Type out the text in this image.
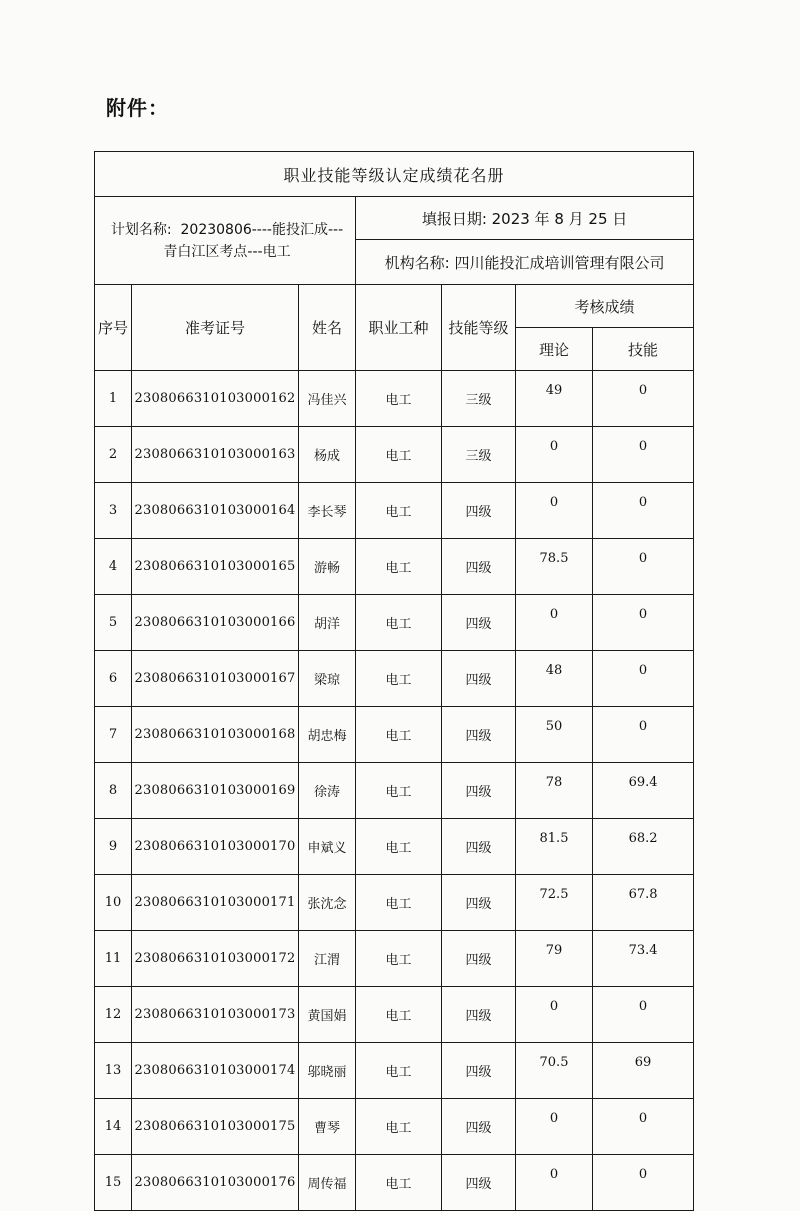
附件：
职业技能等级认定成绩花名册						

计划名称: 20230806----能投汇成---
青白江区考点---电工			填报日期: 2023 年 8 月 25 日			
			机构名称: 四川能投汇成培训管理有限公司			
序号	准考证号	姓名	职业工种	技能等级	考核成绩	
					理论	技能
1	2308066310103000162	冯佳兴	电工	三级	49	0
2	2308066310103000163	杨成	电工	三级	0	0
3	2308066310103000164	李长琴	电工	四级	0	0
4	2308066310103000165	游畅	电工	四级	78.5	0
5	2308066310103000166	胡洋	电工	四级	0	0
6	2308066310103000167	梁琼	电工	四级	48	0
7	2308066310103000168	胡忠梅	电工	四级	50	0
8	2308066310103000169	徐涛	电工	四级	78	69.4
9	2308066310103000170	申斌义	电工	四级	81.5	68.2
10	2308066310103000171	张沈念	电工	四级	72.5	67.8
11	2308066310103000172	江渭	电工	四级	79	73.4
12	2308066310103000173	黄国娟	电工	四级	0	0
13	2308066310103000174	邬晓丽	电工	四级	70.5	69
14	2308066310103000175	曹琴	电工	四级	0	0
15	2308066310103000176	周传福	电工	四级	0	0
